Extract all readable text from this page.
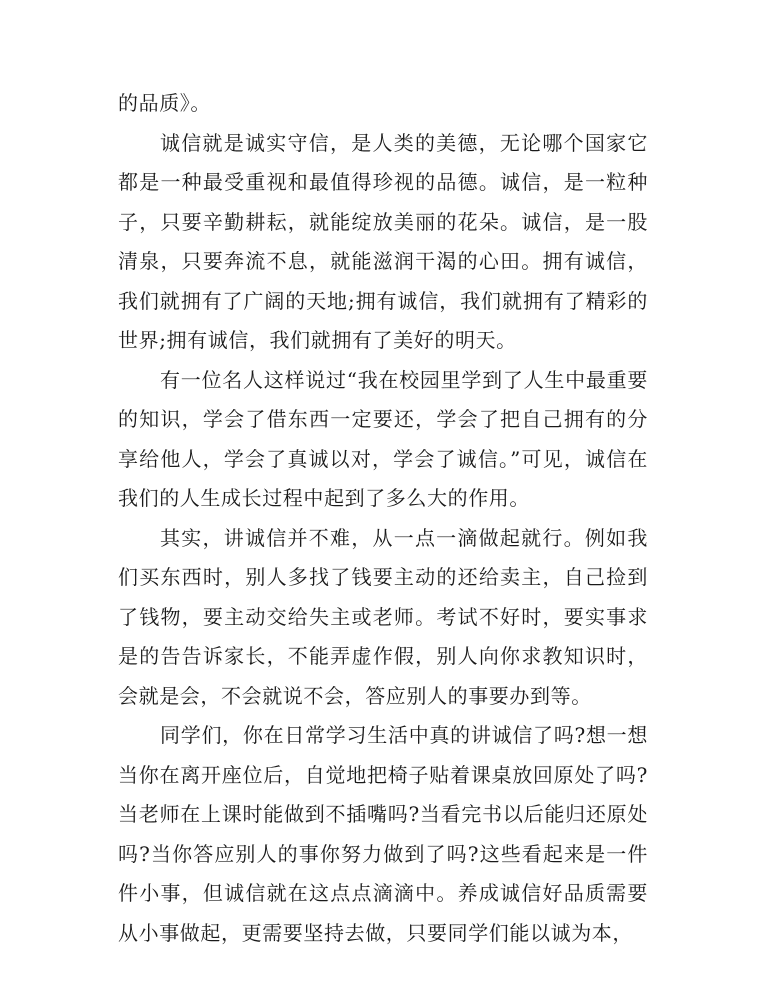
的品质》。

诚信就是诚实守信，是人类的美德，无论哪个国家它都是一种最受重视和最值得珍视的品德。诚信，是一粒种子，只要辛勤耕耘，就能绽放美丽的花朵。诚信，是一股清泉，只要奔流不息，就能滋润干渴的心田。拥有诚信，我们就拥有了广阔的天地;拥有诚信，我们就拥有了精彩的世界;拥有诚信，我们就拥有了美好的明天。

有一位名人这样说过“我在校园里学到了人生中最重要的知识，学会了借东西一定要还，学会了把自己拥有的分享给他人，学会了真诚以对，学会了诚信。”可见，诚信在我们的人生成长过程中起到了多么大的作用。

其实，讲诚信并不难，从一点一滴做起就行。例如我们买东西时，别人多找了钱要主动的还给卖主，自己捡到了钱物，要主动交给失主或老师。考试不好时，要实事求是的告告诉家长，不能弄虚作假，别人向你求教知识时，会就是会，不会就说不会，答应别人的事要办到等。

同学们，你在日常学习生活中真的讲诚信了吗?想一想当你在离开座位后，自觉地把椅子贴着课桌放回原处了吗?当老师在上课时能做到不插嘴吗?当看完书以后能归还原处吗?当你答应别人的事你努力做到了吗?这些看起来是一件件小事，但诚信就在这点点滴滴中。养成诚信好品质需要从小事做起，更需要坚持去做，只要同学们能以诚为本，
